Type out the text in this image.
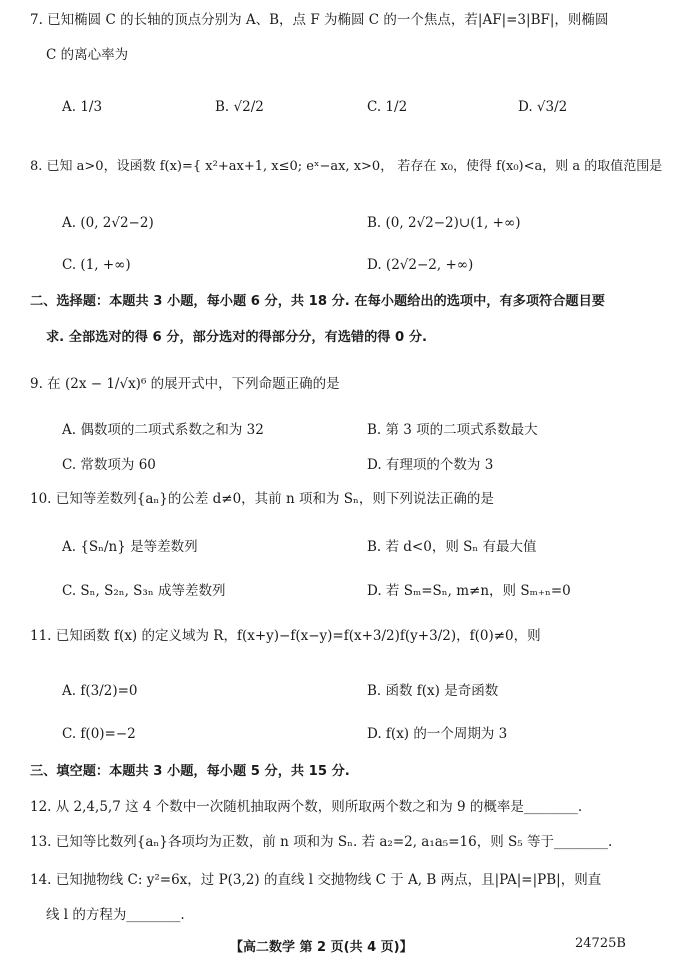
7. 已知椭圆 C 的长轴的顶点分别为 A、B，点 F 为椭圆 C 的一个焦点，若|AF|=3|BF|，则椭圆
C 的离心率为
A. 1/3	B. √2/2	C. 1/2	D. √3/2
8. 已知 a>0，设函数 f(x)={ x²+ax+1, x≤0; eˣ−ax, x>0， 若存在 x₀，使得 f(x₀)<a，则 a 的取值范围是
A. (0, 2√2−2)	B. (0, 2√2−2)∪(1, +∞)
C. (1, +∞)	D. (2√2−2, +∞)
二、选择题：本题共 3 小题，每小题 6 分，共 18 分. 在每小题给出的选项中，有多项符合题目要
求. 全部选对的得 6 分，部分选对的得部分分，有选错的得 0 分.
9. 在 (2x − 1/√x)⁶ 的展开式中，下列命题正确的是
A. 偶数项的二项式系数之和为 32	B. 第 3 项的二项式系数最大
C. 常数项为 60	D. 有理项的个数为 3
10. 已知等差数列{aₙ}的公差 d≠0，其前 n 项和为 Sₙ，则下列说法正确的是
A. {Sₙ/n} 是等差数列	B. 若 d<0，则 Sₙ 有最大值
C. Sₙ, S₂ₙ, S₃ₙ 成等差数列	D. 若 Sₘ=Sₙ, m≠n，则 Sₘ₊ₙ=0
11. 已知函数 f(x) 的定义域为 R，f(x+y)−f(x−y)=f(x+3/2)f(y+3/2)，f(0)≠0，则
A. f(3/2)=0	B. 函数 f(x) 是奇函数
C. f(0)=−2	D. f(x) 的一个周期为 3
三、填空题：本题共 3 小题，每小题 5 分，共 15 分.
12. 从 2,4,5,7 这 4 个数中一次随机抽取两个数，则所取两个数之和为 9 的概率是________.
13. 已知等比数列{aₙ}各项均为正数，前 n 项和为 Sₙ. 若 a₂=2, a₁a₅=16，则 S₅ 等于________.
14. 已知抛物线 C: y²=6x，过 P(3,2) 的直线 l 交抛物线 C 于 A, B 两点，且|PA|=|PB|，则直
线 l 的方程为________.
【高二数学 第 2 页(共 4 页)】	24725B
